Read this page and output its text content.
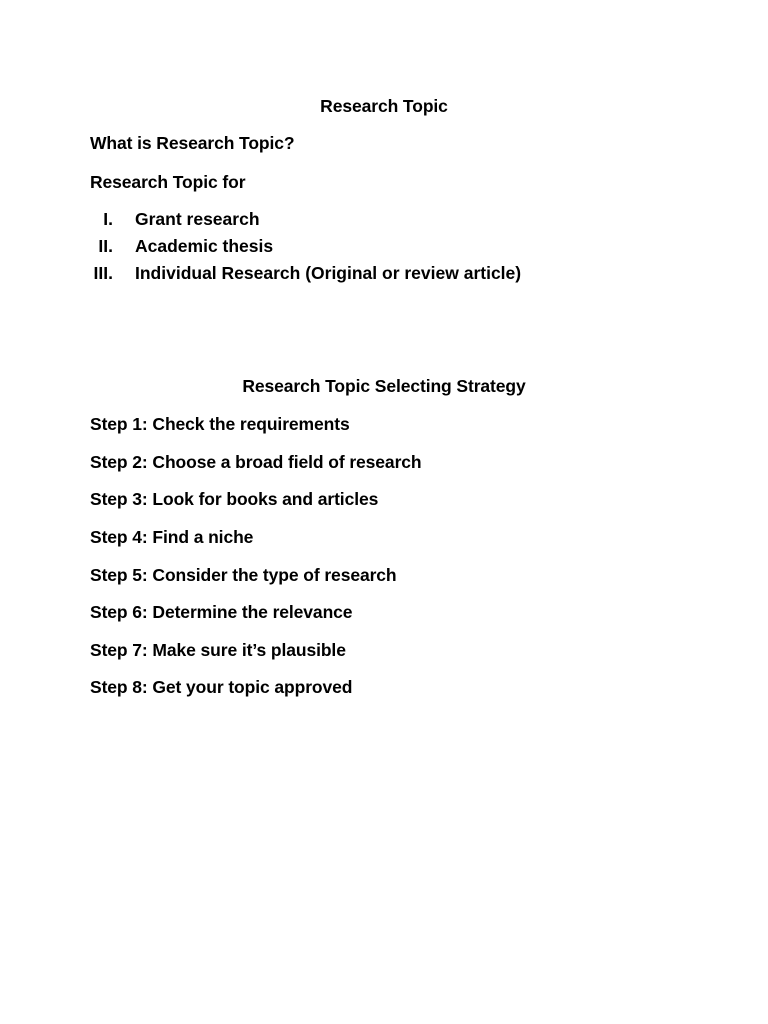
Research Topic
What is Research Topic?
Research Topic for
I. Grant research
II. Academic thesis
III. Individual Research (Original or review article)
Research Topic Selecting Strategy
Step 1: Check the requirements
Step 2: Choose a broad field of research
Step 3: Look for books and articles
Step 4: Find a niche
Step 5: Consider the type of research
Step 6: Determine the relevance
Step 7: Make sure it’s plausible
Step 8: Get your topic approved
